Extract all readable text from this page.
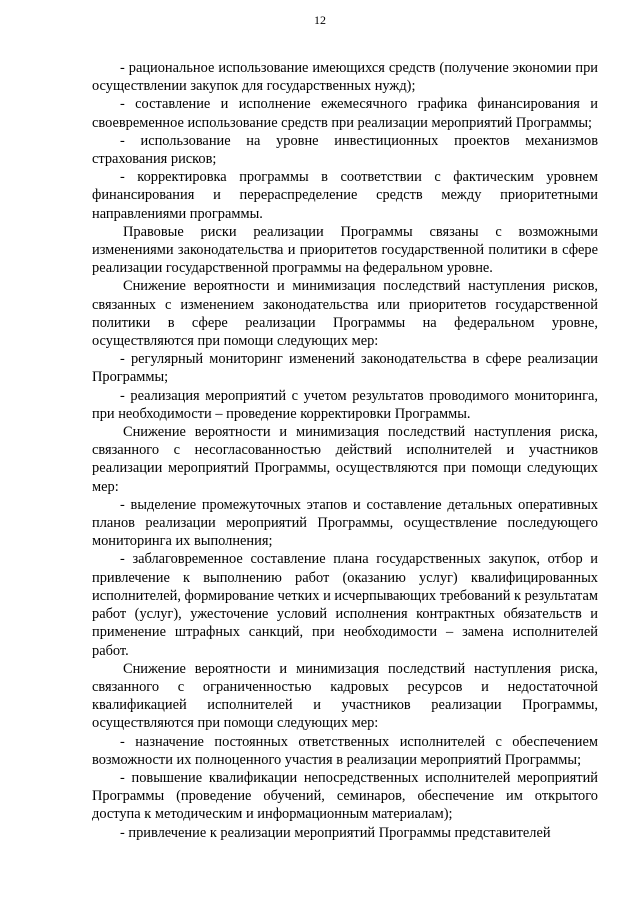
12

- рациональное использование имеющихся средств (получение экономии при осуществлении закупок для государственных нужд);

- составление и исполнение ежемесячного графика финансирования и своевременное использование средств при реализации мероприятий Программы;

- использование на уровне инвестиционных проектов механизмов страхования рисков;

- корректировка программы в соответствии с фактическим уровнем финансирования и перераспределение средств между приоритетными направлениями программы.

Правовые риски реализации Программы связаны с возможными изменениями законодательства и приоритетов государственной политики в сфере реализации государственной программы на федеральном уровне.

Снижение вероятности и минимизация последствий наступления рисков, связанных с изменением законодательства или приоритетов государственной политики в сфере реализации Программы на федеральном уровне, осуществляются при помощи следующих мер:

- регулярный мониторинг изменений законодательства в сфере реализации Программы;

- реализация мероприятий с учетом результатов проводимого мониторинга, при необходимости – проведение корректировки Программы.

Снижение вероятности и минимизация последствий наступления риска, связанного с несогласованностью действий исполнителей и участников реализации мероприятий Программы, осуществляются при помощи следующих мер:

- выделение промежуточных этапов и составление детальных оперативных планов реализации мероприятий Программы, осуществление последующего мониторинга их выполнения;

- заблаговременное составление плана государственных закупок, отбор и привлечение к выполнению работ (оказанию услуг) квалифицированных исполнителей, формирование четких и исчерпывающих требований к результатам работ (услуг), ужесточение условий исполнения контрактных обязательств и применение штрафных санкций, при необходимости – замена исполнителей работ.

Снижение вероятности и минимизация последствий наступления риска, связанного с ограниченностью кадровых ресурсов и недостаточной квалификацией исполнителей и участников реализации Программы, осуществляются при помощи следующих мер:

- назначение постоянных ответственных исполнителей с обеспечением возможности их полноценного участия в реализации мероприятий Программы;

- повышение квалификации непосредственных исполнителей мероприятий Программы (проведение обучений, семинаров, обеспечение им открытого доступа к методическим и информационным материалам);

- привлечение к реализации мероприятий Программы представителей
